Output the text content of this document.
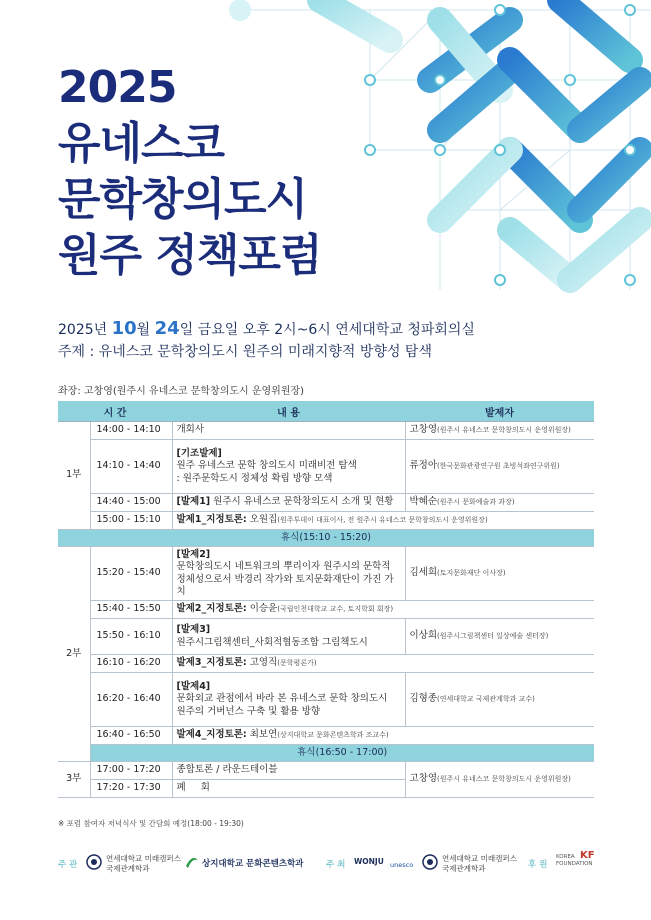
2025
유네스코
문학창의도시
원주 정책포럼
2025년 10월 24일 금요일 오후 2시~6시 연세대학교 청파회의실
주제 : 유네스코 문학창의도시 원주의 미래지향적 방향성 탐색
좌장: 고창영(원주시 유네스코 문학창의도시 운영위원장)
시 간		내 용	발제자
1부	14:00 - 14:10	개회사	고창영(원주시 유네스코 문학창의도시 운영위원장)
	14:10 - 14:40	[기조발제]
원주 유네스코 문학 창의도시 미래비전 탐색
: 원주문학도시 정체성 확립 방향 모색	류정아(한국문화관광연구원 초빙석좌연구위원)
	14:40 - 15:00	[발제1] 원주시 유네스코 문학창의도시 소개 및 현황	박혜순(원주시 문화예술과 과장)
	15:00 - 15:10	발제1_지정토론: 오원집(원주투데이 대표이사, 전 원주시 유네스코 문학창의도시 운영위원장)	
휴식(15:10 - 15:20)			
2부	15:20 - 15:40	[발제2]
문학창의도시 네트워크의 뿌리이자 원주시의 문학적
정체성으로서 박경리 작가와 토지문화재단이 가진 가치	김세희(토지문화재단 이사장)
	15:40 - 15:50	발제2_지정토론: 이승윤(국립인천대학교 교수, 토지학회 회장)	
	15:50 - 16:10	[발제3]
원주시그림책센터_사회적협동조합 그림책도시	이상희(원주시그림책센터 일상예술 센터장)
	16:10 - 16:20	발제3_지정토론: 고영직(문학평론가)	
	16:20 - 16:40	[발제4]
문화외교 관점에서 바라 본 유네스코 문학 창의도시
원주의 거버넌스 구축 및 활용 방향	김형종(연세대학교 국제관계학과 교수)
	16:40 - 16:50	발제4_지정토론: 최보연(상지대학교 문화콘텐츠학과 조교수)	
	휴식(16:50 - 17:00)		
3부	17:00 - 17:20	종합토론 / 라운드테이블	고창영(원주시 유네스코 문학창의도시 운영위원장)
	17:20 - 17:30	폐     회	
※ 포럼 참여자 저녁식사 및 간담회 예정(18:00 - 19:30)
주 관
연세대학교 미래캠퍼스
국제관계학과	상지대학교 문화콘텐츠학과	주 최 WONJU unesco
연세대학교 미래캠퍼스
국제관계학과	후 원
KOREA
FOUNDATION
KF
